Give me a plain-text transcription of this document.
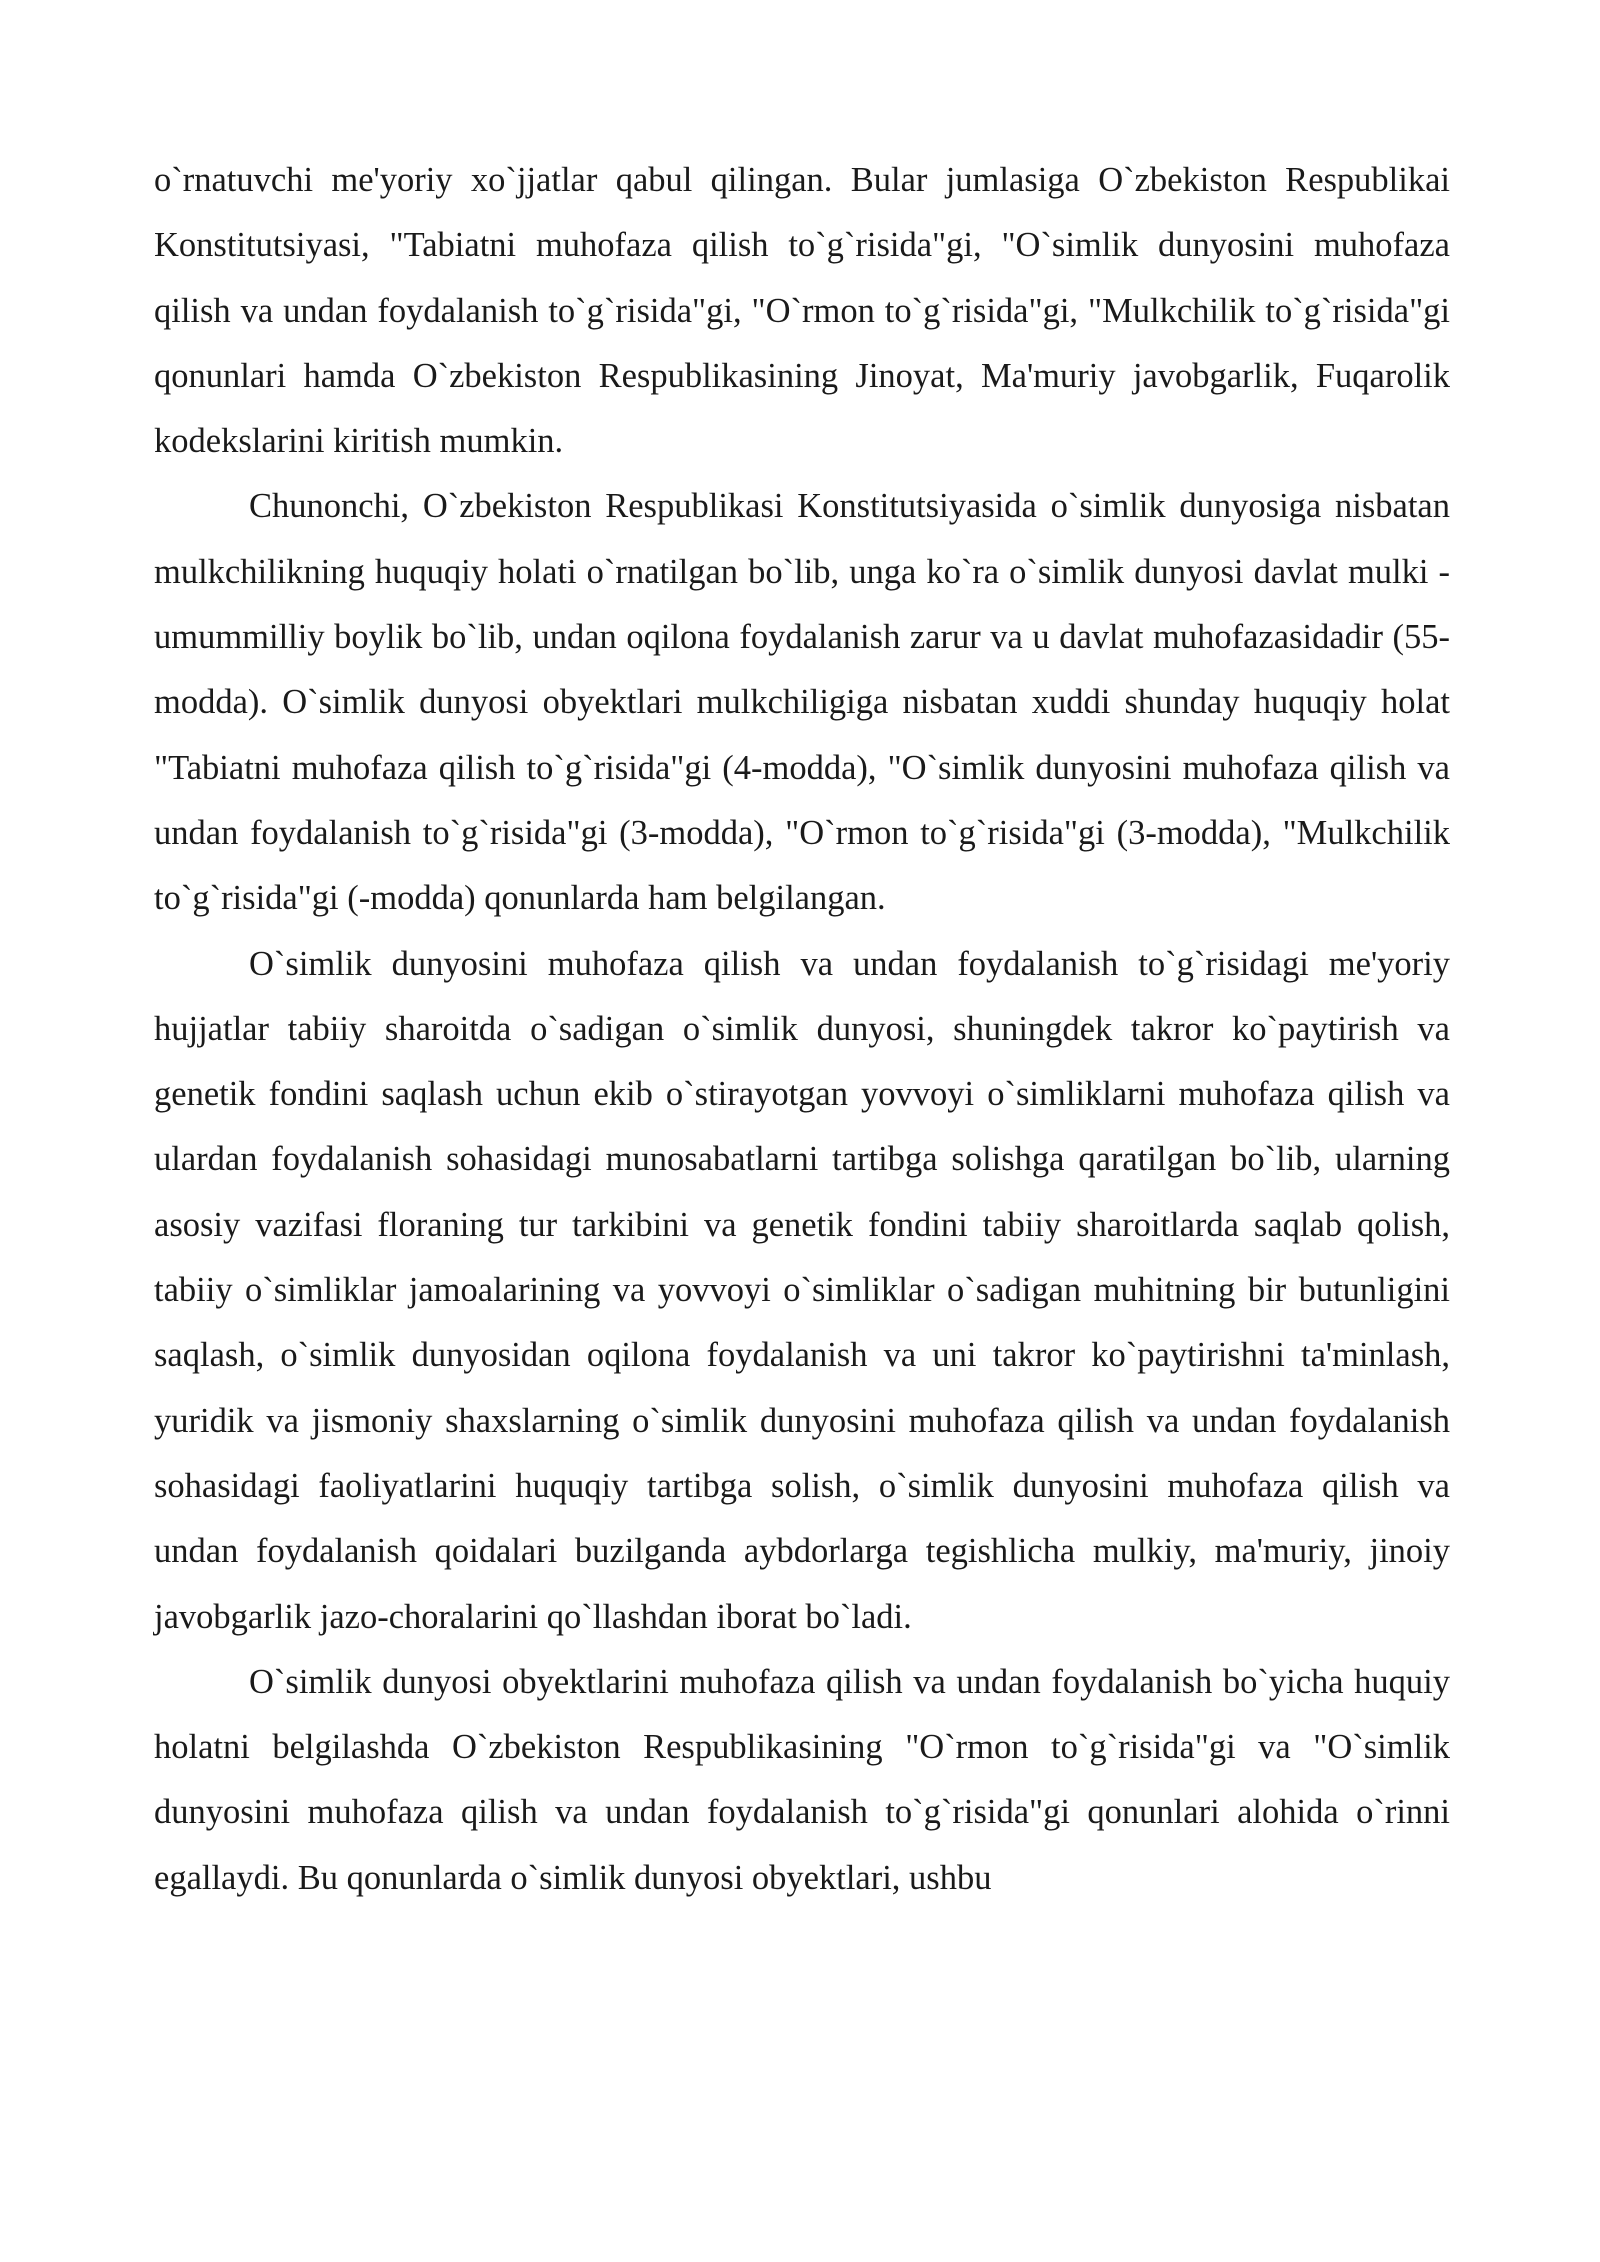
o`rnatuvchi me'yoriy xo`jjatlar qabul qilingan. Bular jumlasiga O`zbekiston Respublikai Konstitutsiyasi, "Tabiatni muhofaza qilish to`g`risida"gi, "O`simlik dunyosini muhofaza qilish va undan foydalanish to`g`risida"gi, "O`rmon to`g`risida"gi, "Mulkchilik to`g`risida"gi qonunlari hamda O`zbekiston Respublikasining Jinoyat, Ma'muriy javobgarlik, Fuqarolik kodekslarini kiritish mumkin.

Chunonchi, O`zbekiston Respublikasi Konstitutsiyasida o`simlik dunyosiga nisbatan mulkchilikning huquqiy holati o`rnatilgan bo`lib, unga ko`ra o`simlik dunyosi davlat mulki -umummilliy boylik bo`lib, undan oqilona foydalanish zarur va u davlat muhofazasidadir (55-modda). O`simlik dunyosi obyektlari mulkchiligiga nisbatan xuddi shunday huquqiy holat "Tabiatni muhofaza qilish to`g`risida"gi (4-modda), "O`simlik dunyosini muhofaza qilish va undan foydalanish to`g`risida"gi (3-modda), "O`rmon to`g`risida"gi (3-modda), "Mulkchilik to`g`risida"gi (-modda) qonunlarda ham belgilangan.

O`simlik dunyosini muhofaza qilish va undan foydalanish to`g`risidagi me'yoriy hujjatlar tabiiy sharoitda o`sadigan o`simlik dunyosi, shuningdek takror ko`paytirish va genetik fondini saqlash uchun ekib o`stirayotgan yovvoyi o`simliklarni muhofaza qilish va ulardan foydalanish sohasidagi munosabatlarni tartibga solishga qaratilgan bo`lib, ularning asosiy vazifasi floraning tur tarkibini va genetik fondini tabiiy sharoitlarda saqlab qolish, tabiiy o`simliklar jamoalarining va yovvoyi o`simliklar o`sadigan muhitning bir butunligini saqlash, o`simlik dunyosidan oqilona foydalanish va uni takror ko`paytirishni ta'minlash, yuridik va jismoniy shaxslarning o`simlik dunyosini muhofaza qilish va undan foydalanish sohasidagi faoliyatlarini huquqiy tartibga solish, o`simlik dunyosini muhofaza qilish va undan foydalanish qoidalari buzilganda aybdorlarga tegishlicha mulkiy, ma'muriy, jinoiy javobgarlik jazo-choralarini qo`llashdan iborat bo`ladi.

O`simlik dunyosi obyektlarini muhofaza qilish va undan foydalanish bo`yicha huquiy holatni belgilashda O`zbekiston Respublikasining "O`rmon to`g`risida"gi va "O`simlik dunyosini muhofaza qilish va undan foydalanish to`g`risida"gi qonunlari alohida o`rinni egallaydi. Bu qonunlarda o`simlik dunyosi obyektlari, ushbu
